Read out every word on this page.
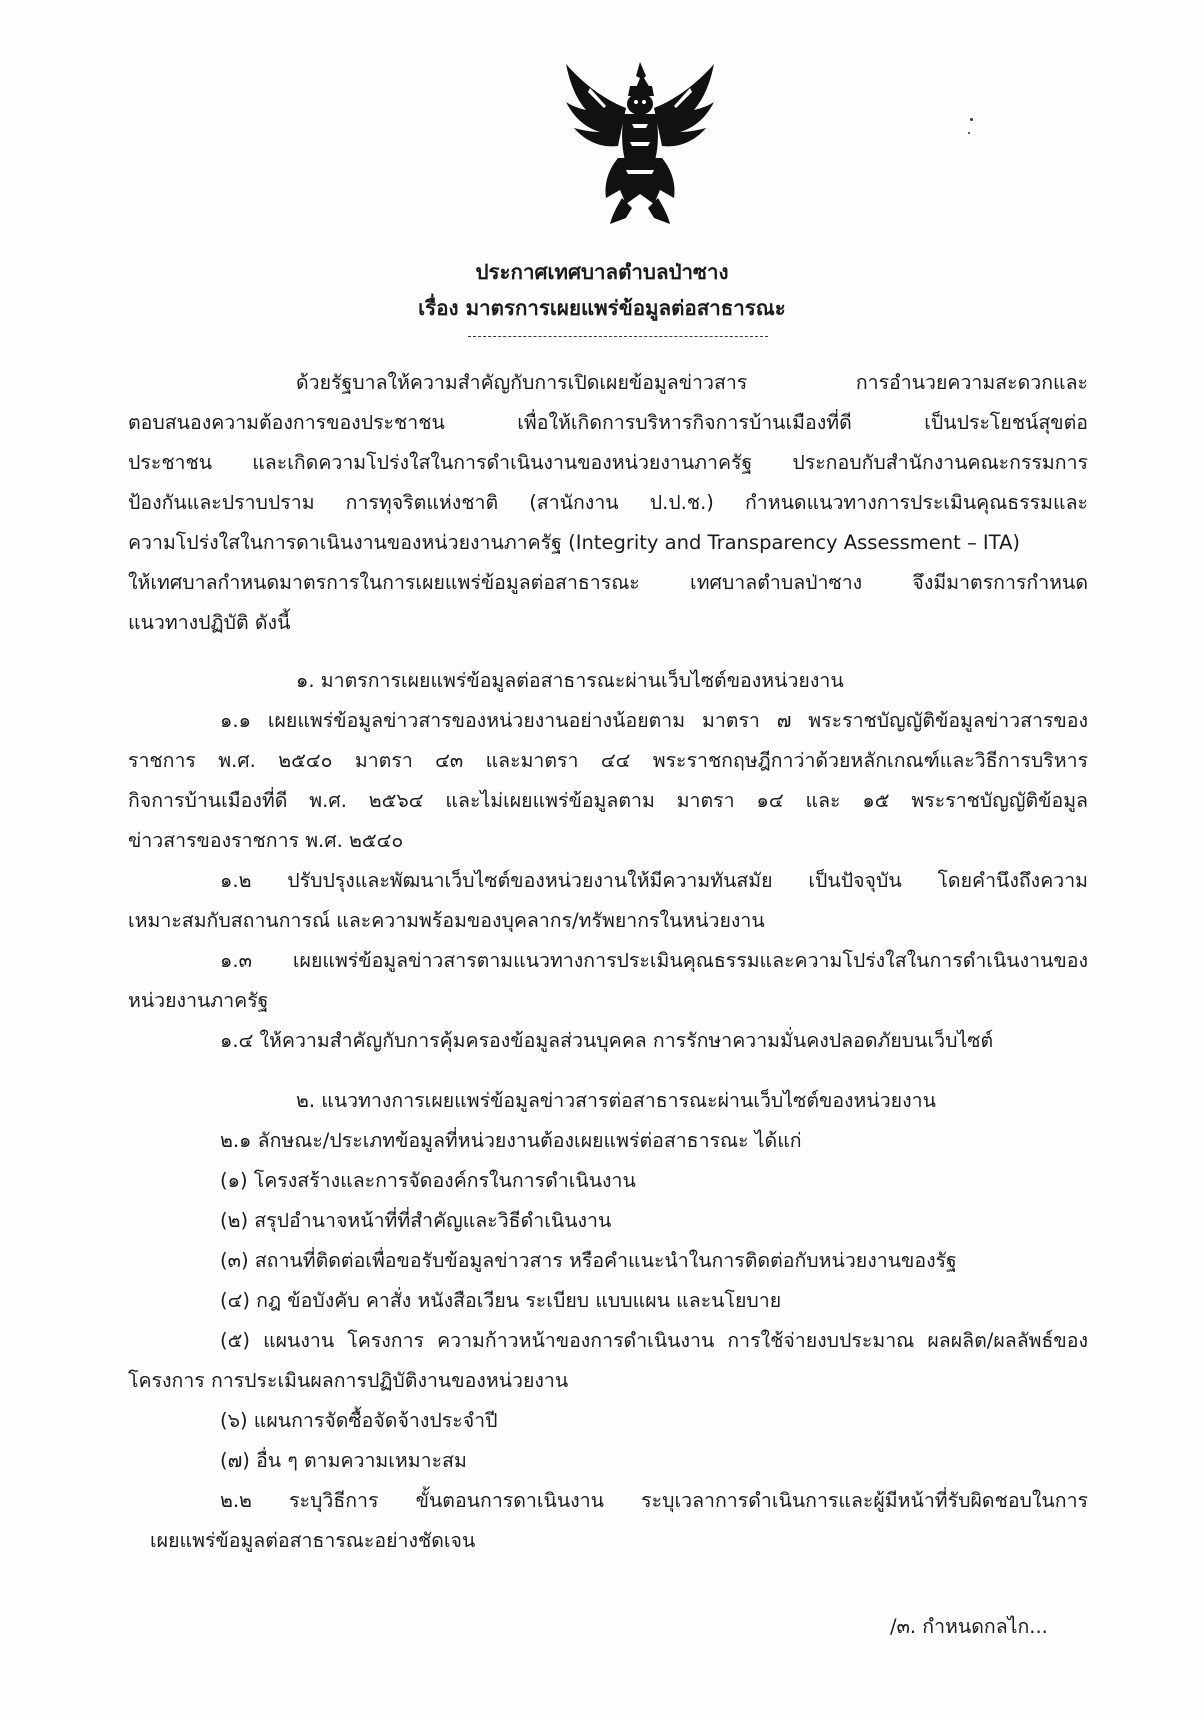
ประกาศเทศบาลตำบลป่าซาง
เรื่อง มาตรการเผยแพร่ข้อมูลต่อสาธารณะ
ด้วยรัฐบาลให้ความสำคัญกับการเปิดเผยข้อมูลข่าวสาร การอำนวยความสะดวกและ
ตอบสนองความต้องการของประชาชน เพื่อให้เกิดการบริหารกิจการบ้านเมืองที่ดี เป็นประโยชน์สุขต่อ
ประชาชน และเกิดความโปร่งใสในการดำเนินงานของหน่วยงานภาครัฐ ประกอบกับสำนักงานคณะกรรมการ
ป้องกันและปราบปราม การทุจริตแห่งชาติ (สานักงาน ป.ป.ช.) กำหนดแนวทางการประเมินคุณธรรมและ
ความโปร่งใสในการดาเนินงานของหน่วยงานภาครัฐ (Integrity and Transparency Assessment – ITA)
ให้เทศบาลกำหนดมาตรการในการเผยแพร่ข้อมูลต่อสาธารณะ เทศบาลตำบลป่าซาง จึงมีมาตรการกำหนด
แนวทางปฏิบัติ ดังนี้
๑. มาตรการเผยแพร่ข้อมูลต่อสาธารณะผ่านเว็บไซต์ของหน่วยงาน
๑.๑ เผยแพร่ข้อมูลข่าวสารของหน่วยงานอย่างน้อยตาม มาตรา ๗ พระราชบัญญัติข้อมูลข่าวสารของ
ราชการ พ.ศ. ๒๕๔๐ มาตรา ๔๓ และมาตรา ๔๔ พระราชกฤษฎีกาว่าด้วยหลักเกณฑ์และวิธีการบริหาร
กิจการบ้านเมืองที่ดี พ.ศ. ๒๕๖๔ และไม่เผยแพร่ข้อมูลตาม มาตรา ๑๔ และ ๑๕ พระราชบัญญัติข้อมูล
ข่าวสารของราชการ พ.ศ. ๒๕๔๐
๑.๒ ปรับปรุงและพัฒนาเว็บไซต์ของหน่วยงานให้มีความทันสมัย เป็นปัจจุบัน โดยคำนึงถึงความ
เหมาะสมกับสถานการณ์ และความพร้อมของบุคลากร/ทรัพยากรในหน่วยงาน
๑.๓ เผยแพร่ข้อมูลข่าวสารตามแนวทางการประเมินคุณธรรมและความโปร่งใสในการดำเนินงานของ
หน่วยงานภาครัฐ
๑.๔ ให้ความสำคัญกับการคุ้มครองข้อมูลส่วนบุคคล การรักษาความมั่นคงปลอดภัยบนเว็บไซต์
๒. แนวทางการเผยแพร่ข้อมูลข่าวสารต่อสาธารณะผ่านเว็บไซต์ของหน่วยงาน
๒.๑ ลักษณะ/ประเภทข้อมูลที่หน่วยงานต้องเผยแพร่ต่อสาธารณะ ได้แก่
(๑) โครงสร้างและการจัดองค์กรในการดำเนินงาน
(๒) สรุปอำนาจหน้าที่ที่สำคัญและวิธีดำเนินงาน
(๓) สถานที่ติดต่อเพื่อขอรับข้อมูลข่าวสาร หรือคำแนะนำในการติดต่อกับหน่วยงานของรัฐ
(๔) กฎ ข้อบังคับ คาสั่ง หนังสือเวียน ระเบียบ แบบแผน และนโยบาย
(๕) แผนงาน โครงการ ความก้าวหน้าของการดำเนินงาน การใช้จ่ายงบประมาณ ผลผลิต/ผลลัพธ์ของ
โครงการ การประเมินผลการปฏิบัติงานของหน่วยงาน
(๖) แผนการจัดซื้อจัดจ้างประจำปี
(๗) อื่น ๆ ตามความเหมาะสม
๒.๒ ระบุวิธีการ ขั้นตอนการดาเนินงาน ระบุเวลาการดำเนินการและผู้มีหน้าที่รับผิดชอบในการ
เผยแพร่ข้อมูลต่อสาธารณะอย่างชัดเจน
/๓. กำหนดกลไก...
